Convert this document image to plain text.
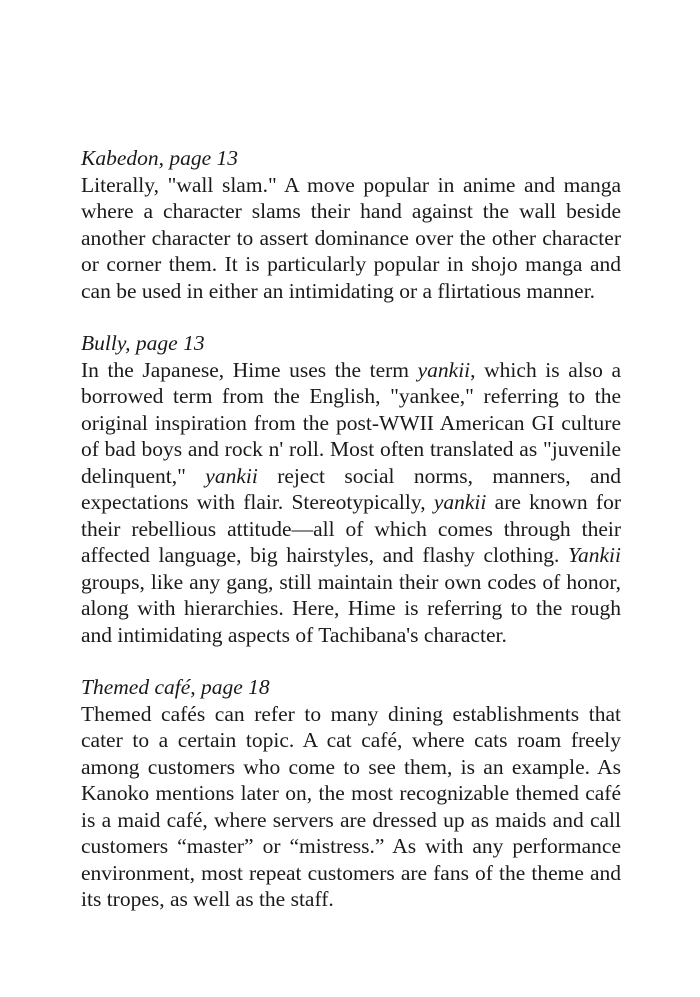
Kabedon, page 13

Literally, "wall slam." A move popular in anime and manga where a character slams their hand against the wall beside another character to assert dominance over the other character or corner them. It is particularly popular in shojo manga and can be used in either an intimidating or a flirtatious manner.

Bully, page 13

In the Japanese, Hime uses the term yankii, which is also a borrowed term from the English, "yankee," referring to the original inspiration from the post-WWII American GI culture of bad boys and rock n' roll. Most often translated as "juvenile delinquent," yankii reject social norms, manners, and expectations with flair. Stereotypically, yankii are known for their rebellious attitude—all of which comes through their affected language, big hairstyles, and flashy clothing. Yankii groups, like any gang, still maintain their own codes of honor, along with hierarchies. Here, Hime is referring to the rough and intimidating aspects of Tachibana's character.

Themed café, page 18

Themed cafés can refer to many dining establishments that cater to a certain topic. A cat café, where cats roam freely among customers who come to see them, is an example. As Kanoko mentions later on, the most recognizable themed café is a maid café, where servers are dressed up as maids and call customers “master” or “mistress.” As with any performance environment, most repeat customers are fans of the theme and its tropes, as well as the staff.
